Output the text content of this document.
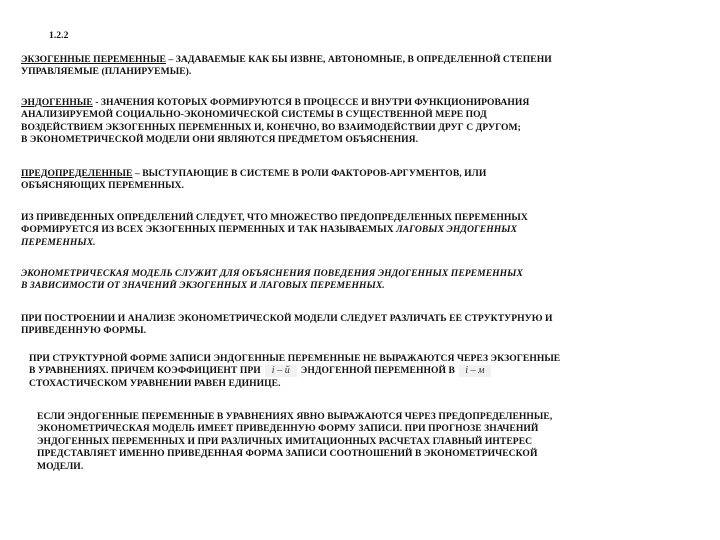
1.2.2
ЭКЗОГЕННЫЕ ПЕРЕМЕННЫЕ – ЗАДАВАЕМЫЕ КАК БЫ ИЗВНЕ, АВТОНОМНЫЕ, В ОПРЕДЕЛЕННОЙ СТЕПЕНИ
УПРАВЛЯЕМЫЕ (ПЛАНИРУЕМЫЕ).
ЭНДОГЕННЫЕ - ЗНАЧЕНИЯ КОТОРЫХ ФОРМИРУЮТСЯ В ПРОЦЕССЕ И ВНУТРИ ФУНКЦИОНИРОВАНИЯ
АНАЛИЗИРУЕМОЙ СОЦИАЛЬНО-ЭКОНОМИЧЕСКОЙ СИСТЕМЫ В СУЩЕСТВЕННОЙ МЕРЕ ПОД
ВОЗДЕЙСТВИЕМ ЭКЗОГЕННЫХ ПЕРЕМЕННЫХ И, КОНЕЧНО, ВО ВЗАИМОДЕЙСТВИИ ДРУГ С ДРУГОМ;
В ЭКОНОМЕТРИЧЕСКОЙ МОДЕЛИ ОНИ ЯВЛЯЮТСЯ ПРЕДМЕТОМ ОБЪЯСНЕНИЯ.
ПРЕДОПРЕДЕЛЕННЫЕ – ВЫСТУПАЮЩИЕ В СИСТЕМЕ В РОЛИ ФАКТОРОВ-АРГУМЕНТОВ, ИЛИ
ОБЪЯСНЯЮЩИХ ПЕРЕМЕННЫХ.
ИЗ ПРИВЕДЕННЫХ ОПРЕДЕЛЕНИЙ СЛЕДУЕТ, ЧТО МНОЖЕСТВО ПРЕДОПРЕДЕЛЕННЫХ ПЕРЕМЕННЫХ
ФОРМИРУЕТСЯ ИЗ ВСЕХ ЭКЗОГЕННЫХ ПЕРМЕННЫХ И ТАК НАЗЫВАЕМЫХ ЛАГОВЫХ ЭНДОГЕННЫХ
ПЕРЕМЕННЫХ.
ЭКОНОМЕТРИЧЕСКАЯ МОДЕЛЬ СЛУЖИТ ДЛЯ ОБЪЯСНЕНИЯ ПОВЕДЕНИЯ ЭНДОГЕННЫХ ПЕРЕМЕННЫХ
В ЗАВИСИМОСТИ ОТ ЗНАЧЕНИЙ ЭКЗОГЕННЫХ И ЛАГОВЫХ ПЕРЕМЕННЫХ.
ПРИ ПОСТРОЕНИИ И АНАЛИЗЕ ЭКОНОМЕТРИЧЕСКОЙ МОДЕЛИ СЛЕДУЕТ РАЗЛИЧАТЬ ЕЕ СТРУКТУРНУЮ И
ПРИВЕДЕННУЮ ФОРМЫ.
ПРИ СТРУКТУРНОЙ ФОРМЕ ЗАПИСИ ЭНДОГЕННЫЕ ПЕРЕМЕННЫЕ НЕ ВЫРАЖАЮТСЯ ЧЕРЕЗ ЭКЗОГЕННЫЕ
В УРАВНЕНИЯХ. ПРИЧЕМ КОЭФФИЦИЕНТ ПРИ i – й ЭНДОГЕННОЙ ПЕРЕМЕННОЙ В i – м
СТОХАСТИЧЕСКОМ УРАВНЕНИИ РАВЕН ЕДИНИЦЕ.
ЕСЛИ ЭНДОГЕННЫЕ ПЕРЕМЕННЫЕ В УРАВНЕНИЯХ ЯВНО ВЫРАЖАЮТСЯ ЧЕРЕЗ ПРЕДОПРЕДЕЛЕННЫЕ,
ЭКОНОМЕТРИЧЕСКАЯ МОДЕЛЬ ИМЕЕТ ПРИВЕДЕННУЮ ФОРМУ ЗАПИСИ. ПРИ ПРОГНОЗЕ ЗНАЧЕНИЙ
ЭНДОГЕННЫХ ПЕРЕМЕННЫХ И ПРИ РАЗЛИЧНЫХ ИМИТАЦИОННЫХ РАСЧЕТАХ ГЛАВНЫЙ ИНТЕРЕС
ПРЕДСТАВЛЯЕТ ИМЕННО ПРИВЕДЕННАЯ ФОРМА ЗАПИСИ СООТНОШЕНИЙ В ЭКОНОМЕТРИЧЕСКОЙ
МОДЕЛИ.
